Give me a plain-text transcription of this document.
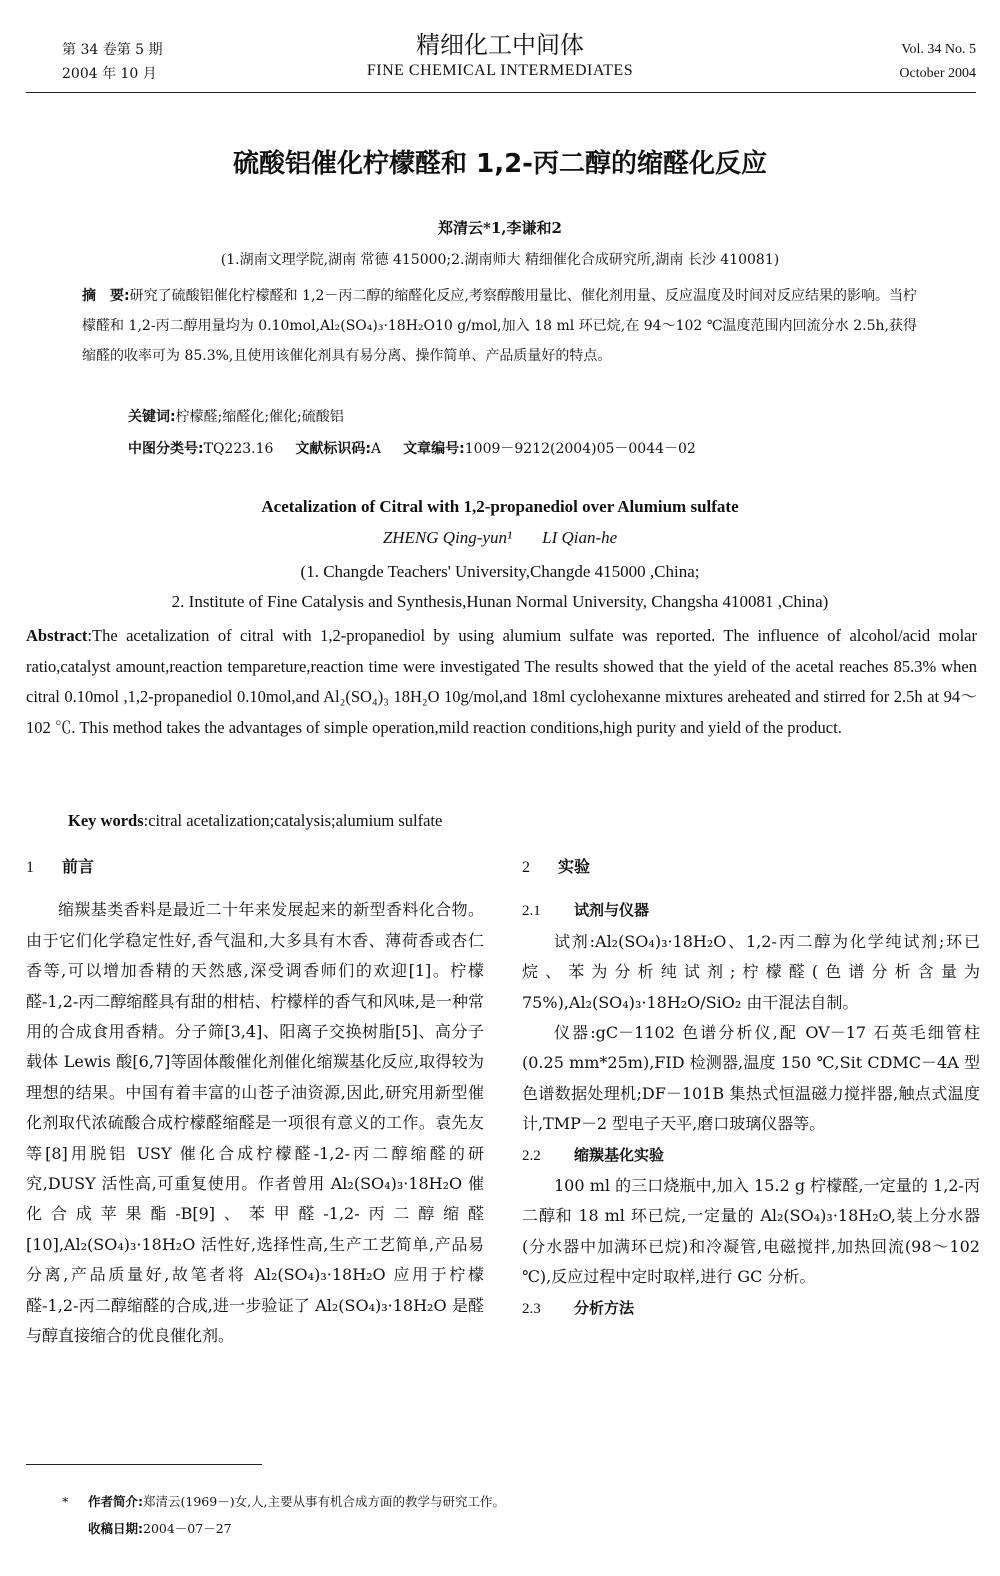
第 34 卷第 5 期
2004 年 10 月
精细化工中间体
FINE CHEMICAL INTERMEDIATES
Vol. 34 No. 5
October 2004
硫酸铝催化柠檬醛和 1,2-丙二醇的缩醛化反应
郑清云*1,李谦和2
(1.湖南文理学院,湖南 常德 415000;2.湖南师大 精细催化合成研究所,湖南 长沙 410081)
摘　要:研究了硫酸铝催化柠檬醛和 1,2－丙二醇的缩醛化反应,考察醇酸用量比、催化剂用量、反应温度及时间对反应结果的影响。当柠檬醛和 1,2-丙二醇用量均为 0.10mol,Al₂(SO₄)₃·18H₂O10 g/mol,加入 18 ml 环已烷,在 94～102 ℃温度范围内回流分水 2.5h,获得缩醛的收率可为 85.3%,且使用该催化剂具有易分离、操作简单、产品质量好的特点。
关键词:柠檬醛;缩醛化;催化;硫酸铝
中图分类号:TQ223.16 文献标识码:A 文章编号:1009－9212(2004)05－0044－02
Acetalization of Citral with 1,2-propanediol over Alumium sulfate
ZHENG Qing-yun¹ LI Qian-he
(1. Changde Teachers' University,Changde 415000 ,China;
2. Institute of Fine Catalysis and Synthesis,Hunan Normal University, Changsha 410081 ,China)
Abstract:The acetalization of citral with 1,2-propanediol by using alumium sulfate was reported. The influence of alcohol/acid molar ratio,catalyst amount,reaction tempareture,reaction time were investigated The results showed that the yield of the acetal reaches 85.3% when citral 0.10mol ,1,2-propanediol 0.10mol,and Al₂(SO₄)₃ 18H₂O 10g/mol,and 18ml cyclohexanne mixtures areheated and stirred for 2.5h at 94～102 ℃. This method takes the advantages of simple operation,mild reaction conditions,high purity and yield of the product.
Key words:citral acetalization;catalysis;alumium sulfate
1 前言
缩羰基类香料是最近二十年来发展起来的新型香料化合物。由于它们化学稳定性好,香气温和,大多具有木香、薄荷香或杏仁香等,可以增加香精的天然感,深受调香师们的欢迎[1]。柠檬醛-1,2-丙二醇缩醛具有甜的柑桔、柠檬样的香气和风味,是一种常用的合成食用香精。分子筛[3,4]、阳离子交换树脂[5]、高分子载体 Lewis 酸[6,7]等固体酸催化剂催化缩羰基化反应,取得较为理想的结果。中国有着丰富的山苍子油资源,因此,研究用新型催化剂取代浓硫酸合成柠檬醛缩醛是一项很有意义的工作。袁先友等[8]用脱铝 USY 催化合成柠檬醛-1,2-丙二醇缩醛的研究,DUSY 活性高,可重复使用。作者曾用 Al₂(SO₄)₃·18H₂O 催化合成苹果酯-B[9]、苯甲醛-1,2-丙二醇缩醛[10],Al₂(SO₄)₃·18H₂O 活性好,选择性高,生产工艺简单,产品易分离,产品质量好,故笔者将 Al₂(SO₄)₃·18H₂O 应用于柠檬醛-1,2-丙二醇缩醛的合成,进一步验证了 Al₂(SO₄)₃·18H₂O 是醛与醇直接缩合的优良催化剂。
2 实验
2.1 试剂与仪器
试剂:Al₂(SO₄)₃·18H₂O、1,2-丙二醇为化学纯试剂;环已烷、苯为分析纯试剂;柠檬醛(色谱分析含量为 75%),Al₂(SO₄)₃·18H₂O/SiO₂ 由干混法自制。
仪器:gC－1102 色谱分析仪,配 OV－17 石英毛细管柱(0.25 mm*25m),FID 检测器,温度 150 ℃,Sit CDMC－4A 型色谱数据处理机;DF－101B 集热式恒温磁力搅拌器,触点式温度计,TMP－2 型电子天平,磨口玻璃仪器等。
2.2 缩羰基化实验
100 ml 的三口烧瓶中,加入 15.2 g 柠檬醛,一定量的 1,2-丙二醇和 18 ml 环已烷,一定量的 Al₂(SO₄)₃·18H₂O,装上分水器(分水器中加满环已烷)和冷凝管,电磁搅拌,加热回流(98～102 ℃),反应过程中定时取样,进行 GC 分析。
2.3 分析方法
* 作者简介:郑清云(1969－)女,人,主要从事有机合成方面的教学与研究工作。
收稿日期:2004－07－27
